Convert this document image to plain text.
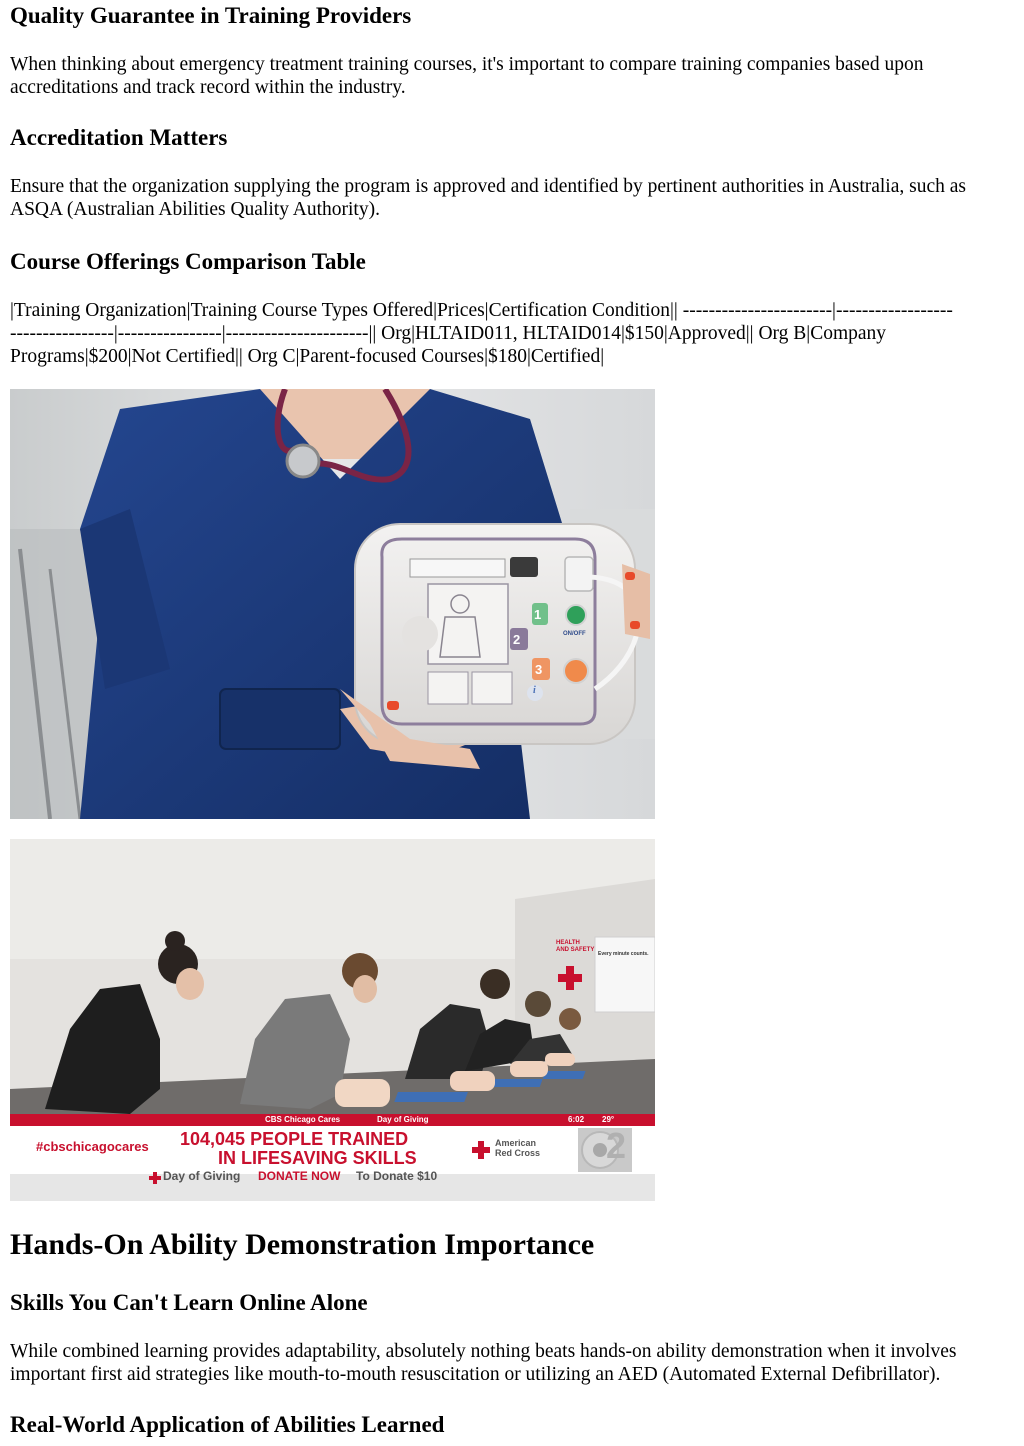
Quality Guarantee in Training Providers

When thinking about emergency treatment training courses, it's important to compare training companies based upon accreditations and track record within the industry.

Accreditation Matters

Ensure that the organization supplying the program is approved and identified by pertinent authorities in Australia, such as ASQA (Australian Abilities Quality Authority).

Course Offerings Comparison Table

|Training Organization|Training Course Types Offered|Prices|Certification Condition|| -----------------------|------------------

----------------|----------------|----------------------|| Org|HLTAID011, HLTAID014|$150|Approved|| Org B|Company

Programs|$200|Not Certified|| Org C|Parent-focused Courses|$180|Certified|

1
2
3
ON/OFF
i
HEALTH
AND SAFETY
Every minute counts.
CBS Chicago Cares	Day of Giving	6:02 29°
#cbschicagocares 104,045 PEOPLE TRAINED
IN LIFESAVING SKILLS
American
Red Cross 2
Day of Giving DONATE NOW To Donate $10
Hands-On Ability Demonstration Importance
Skills You Can't Learn Online Alone

While combined learning provides adaptability, absolutely nothing beats hands-on ability demonstration when it involves important first aid strategies like mouth-to-mouth resuscitation or utilizing an AED (Automated External Defibrillator).

Real-World Application of Abilities Learned
